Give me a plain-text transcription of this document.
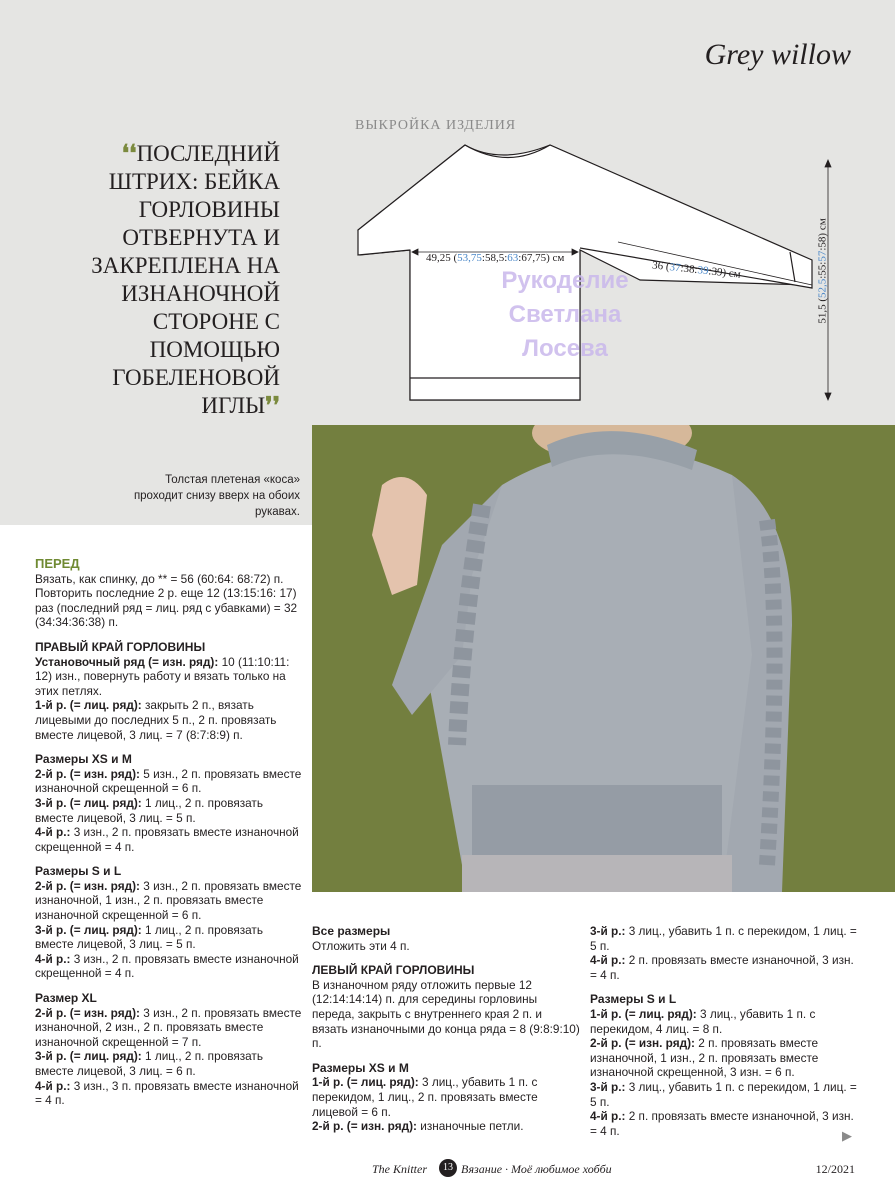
Grey willow
❛❛ПОСЛЕДНИЙ ШТРИХ: БЕЙКА ГОРЛОВИНЫ ОТВЕРНУТА И ЗАКРЕПЛЕНА НА ИЗНАНОЧНОЙ СТОРОНЕ С ПОМОЩЬЮ ГОБЕЛЕНОВОЙ ИГЛЫ❜❜
ВЫКРОЙКА ИЗДЕЛИЯ
49,25 (53,75:58,5:63:67,75) см
36 (37:38:39:39) см
51,5 (52,5:55:57:58) см
Рукоделие
Светлана
Лосева
Толстая плетеная «коса» проходит снизу вверх на обоих рукавах.

ПЕРЕД
Вязать, как спинку, до ** = 56 (60:64: 68:72) п.
Повторить последние 2 р. еще 12 (13:15:16: 17) раз (последний ряд = лиц. ряд с убавками) = 32 (34:34:36:38) п.

ПРАВЫЙ КРАЙ ГОРЛОВИНЫ
Установочный ряд (= изн. ряд): 10 (11:10:11: 12) изн., повернуть работу и вязать только на этих петлях.
1-й р. (= лиц. ряд): закрыть 2 п., вязать лицевыми до последних 5 п., 2 п. провязать вместе лицевой, 3 лиц. = 7 (8:7:8:9) п.

Размеры XS и M
2-й р. (= изн. ряд): 5 изн., 2 п. провязать вместе изнаночной скрещенной = 6 п.
3-й р. (= лиц. ряд): 1 лиц., 2 п. провязать вместе лицевой, 3 лиц. = 5 п.
4-й р.: 3 изн., 2 п. провязать вместе изнаночной скрещенной = 4 п.

Размеры S и L
2-й р. (= изн. ряд): 3 изн., 2 п. провязать вместе изнаночной, 1 изн., 2 п. провязать вместе изнаночной скрещенной = 6 п.
3-й р. (= лиц. ряд): 1 лиц., 2 п. провязать вместе лицевой, 3 лиц. = 5 п.
4-й р.: 3 изн., 2 п. провязать вместе изнаночной скрещенной = 4 п.

Размер XL
2-й р. (= изн. ряд): 3 изн., 2 п. провязать вместе изнаночной, 2 изн., 2 п. провязать вместе изнаночной скрещенной = 7 п.
3-й р. (= лиц. ряд): 1 лиц., 2 п. провязать вместе лицевой, 3 лиц. = 6 п.
4-й р.: 3 изн., 3 п. провязать вместе изнаночной = 4 п.

Все размеры
Отложить эти 4 п.

ЛЕВЫЙ КРАЙ ГОРЛОВИНЫ
В изнаночном ряду отложить первые 12 (12:14:14:14) п. для середины горловины переда, закрыть с внутреннего края 2 п. и вязать изнаночными до конца ряда = 8 (9:8:9:10) п.

Размеры XS и M
1-й р. (= лиц. ряд): 3 лиц., убавить 1 п. с перекидом, 1 лиц., 2 п. провязать вместе лицевой = 6 п.
2-й р. (= изн. ряд): изнаночные петли.

3-й р.: 3 лиц., убавить 1 п. с перекидом, 1 лиц. = 5 п.
4-й р.: 2 п. провязать вместе изнаночной, 3 изн. = 4 п.

Размеры S и L
1-й р. (= лиц. ряд): 3 лиц., убавить 1 п. с перекидом, 4 лиц. = 8 п.
2-й р. (= изн. ряд): 2 п. провязать вместе изнаночной, 1 изн., 2 п. провязать вместе изнаночной скрещенной, 3 изн. = 6 п.
3-й р.: 3 лиц., убавить 1 п. с перекидом, 1 лиц. = 5 п.
4-й р.: 2 п. провязать вместе изнаночной, 3 изн. = 4 п.	▶
The Knitter	13 Вязание · Моё любимое хобби	12/2021
